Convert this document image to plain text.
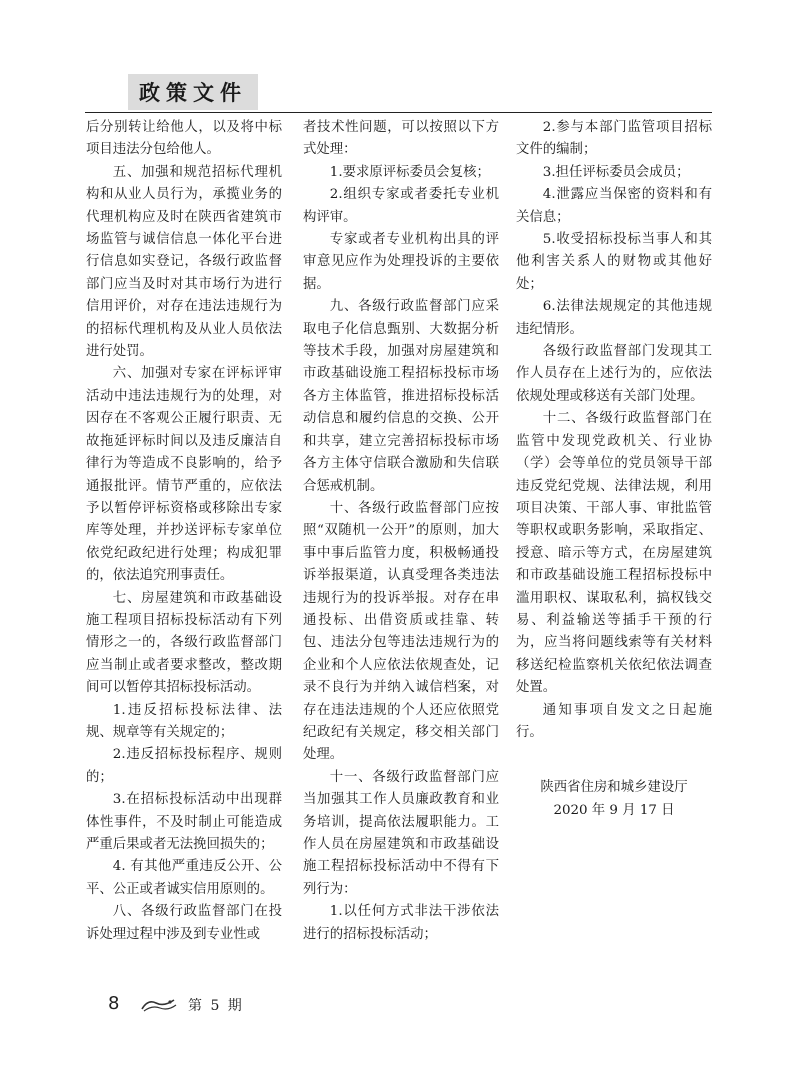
政策文件

后分别转让给他人，以及将中标项目违法分包给他人。

五、加强和规范招标代理机构和从业人员行为，承揽业务的代理机构应及时在陕西省建筑市场监管与诚信信息一体化平台进行信息如实登记，各级行政监督部门应当及时对其市场行为进行信用评价，对存在违法违规行为的招标代理机构及从业人员依法进行处罚。

六、加强对专家在评标评审活动中违法违规行为的处理，对因存在不客观公正履行职责、无故拖延评标时间以及违反廉洁自律行为等造成不良影响的，给予通报批评。情节严重的，应依法予以暂停评标资格或移除出专家库等处理，并抄送评标专家单位依党纪政纪进行处理；构成犯罪的，依法追究刑事责任。

七、房屋建筑和市政基础设施工程项目招标投标活动有下列情形之一的，各级行政监督部门应当制止或者要求整改，整改期间可以暂停其招标投标活动。

1.违反招标投标法律、法规、规章等有关规定的；

2.违反招标投标程序、规则的；

3.在招标投标活动中出现群体性事件，不及时制止可能造成严重后果或者无法挽回损失的；

4. 有其他严重违反公开、公平、公正或者诚实信用原则的。

八、各级行政监督部门在投诉处理过程中涉及到专业性或

者技术性问题，可以按照以下方式处理：

1.要求原评标委员会复核；

2.组织专家或者委托专业机构评审。

专家或者专业机构出具的评审意见应作为处理投诉的主要依据。

九、各级行政监督部门应采取电子化信息甄别、大数据分析等技术手段，加强对房屋建筑和市政基础设施工程招标投标市场各方主体监管，推进招标投标活动信息和履约信息的交换、公开和共享，建立完善招标投标市场各方主体守信联合激励和失信联合惩戒机制。

十、各级行政监督部门应按照“双随机一公开”的原则，加大事中事后监管力度，积极畅通投诉举报渠道，认真受理各类违法违规行为的投诉举报。对存在串通投标、出借资质或挂靠、转包、违法分包等违法违规行为的企业和个人应依法依规查处，记录不良行为并纳入诚信档案，对存在违法违规的个人还应依照党纪政纪有关规定，移交相关部门处理。

十一、各级行政监督部门应当加强其工作人员廉政教育和业务培训，提高依法履职能力。工作人员在房屋建筑和市政基础设施工程招标投标活动中不得有下列行为：

1.以任何方式非法干涉依法进行的招标投标活动；

2.参与本部门监管项目招标文件的编制；

3.担任评标委员会成员；

4.泄露应当保密的资料和有关信息；

5.收受招标投标当事人和其他利害关系人的财物或其他好处；

6.法律法规规定的其他违规违纪情形。

各级行政监督部门发现其工作人员存在上述行为的，应依法依规处理或移送有关部门处理。

十二、各级行政监督部门在监管中发现党政机关、行业协（学）会等单位的党员领导干部违反党纪党规、法律法规，利用项目决策、干部人事、审批监管等职权或职务影响，采取指定、授意、暗示等方式，在房屋建筑和市政基础设施工程招标投标中滥用职权、谋取私利，搞权钱交易、利益输送等插手干预的行为，应当将问题线索等有关材料移送纪检监察机关依纪依法调查处置。

通知事项自发文之日起施行。

陕西省住房和城乡建设厅

2020 年 9 月 17 日

8	第 5 期
